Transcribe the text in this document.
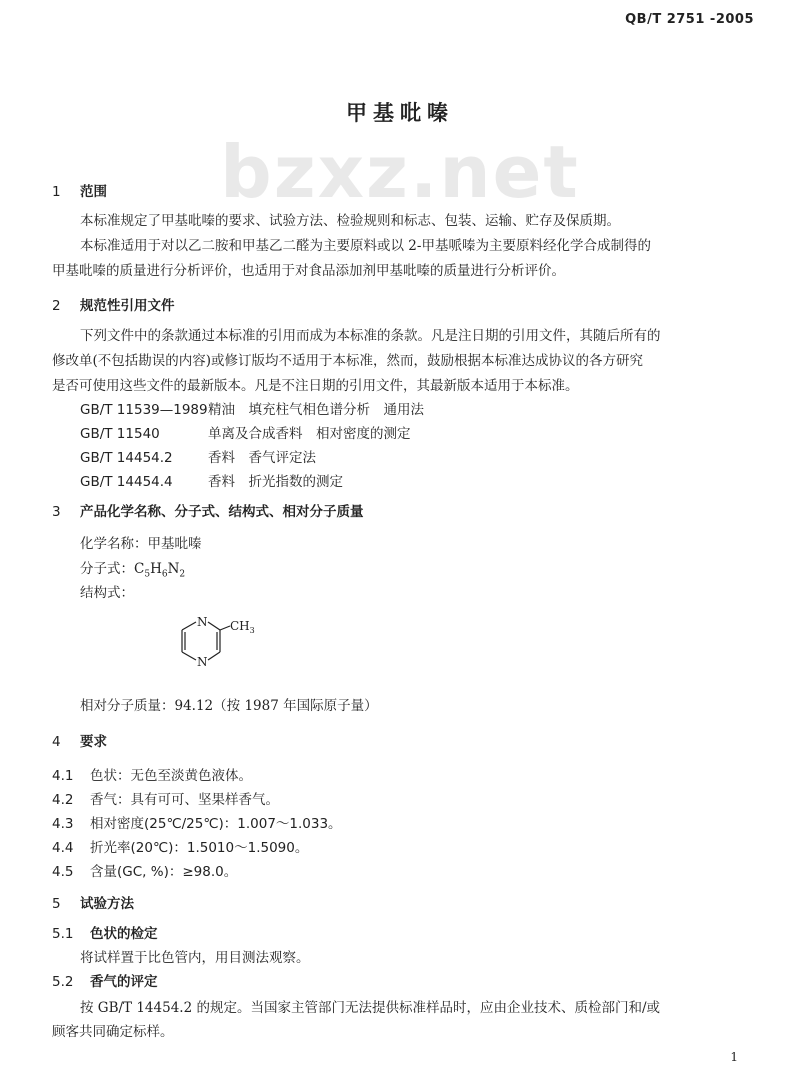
QB/T 2751 -2005
bzxz.net
甲基吡嗪
1 范围
本标准规定了甲基吡嗪的要求、试验方法、检验规则和标志、包装、运输、贮存及保质期。
本标准适用于对以乙二胺和甲基乙二醛为主要原料或以 2-甲基哌嗪为主要原料经化学合成制得的
甲基吡嗪的质量进行分析评价，也适用于对食品添加剂甲基吡嗪的质量进行分析评价。
2 规范性引用文件
下列文件中的条款通过本标准的引用而成为本标准的条款。凡是注日期的引用文件，其随后所有的
修改单(不包括勘误的内容)或修订版均不适用于本标准，然而，鼓励根据本标准达成协议的各方研究
是否可使用这些文件的最新版本。凡是不注日期的引用文件，其最新版本适用于本标准。
GB/T 11539—1989精油　填充柱气相色谱分析　通用法
GB/T 11540	单离及合成香料　相对密度的测定
GB/T 14454.2	香料　香气评定法
GB/T 14454.4	香料　折光指数的测定
3 产品化学名称、分子式、结构式、相对分子质量
化学名称：甲基吡嗪
分子式：$C_5H_6N_2$
结构式：
N
N
$CH_3$
相对分子质量：94.12（按 1987 年国际原子量）
4 要求
4.1 色状：无色至淡黄色液体。
4.2 香气：具有可可、坚果样香气。
4.3 相对密度(25℃/25℃)：1.007～1.033。
4.4 折光率(20℃)：1.5010～1.5090。
4.5 含量(GC, %)：≥98.0。
5 试验方法
5.1 色状的检定
将试样置于比色管内，用目测法观察。
5.2 香气的评定
按 GB/T 14454.2 的规定。当国家主管部门无法提供标准样品时，应由企业技术、质检部门和/或
顾客共同确定标样。
1
